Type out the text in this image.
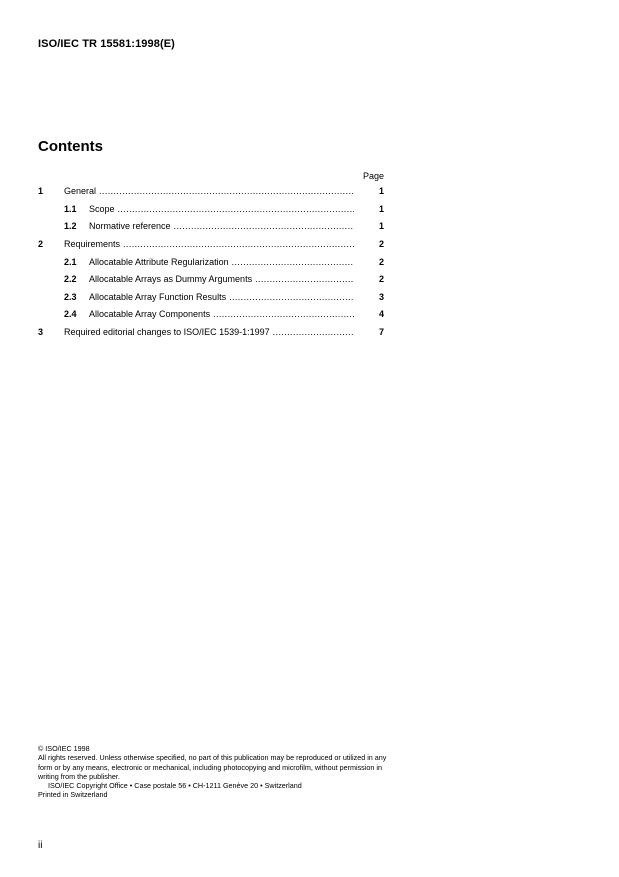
ISO/IEC TR 15581:1998(E)
Contents
Page
1	General .....	1
1.1	Scope .....	1
1.2	Normative reference .....	1
2	Requirements .....	2
2.1	Allocatable Attribute Regularization .....	2
2.2	Allocatable Arrays as Dummy Arguments .....	2
2.3	Allocatable Array Function Results .....	3
2.4	Allocatable Array Components .....	4
3	Required editorial changes to ISO/IEC 1539-1:1997 .....	7

© ISO/IEC 1998

All rights reserved. Unless otherwise specified, no part of this publication may be reproduced or utilized in any form or by any means, electronic or mechanical, including photocopying and microfilm, without permission in writing from the publisher.

ISO/IEC Copyright Office • Case postale 56 • CH-1211 Genève 20 • Switzerland

Printed in Switzerland

ii
